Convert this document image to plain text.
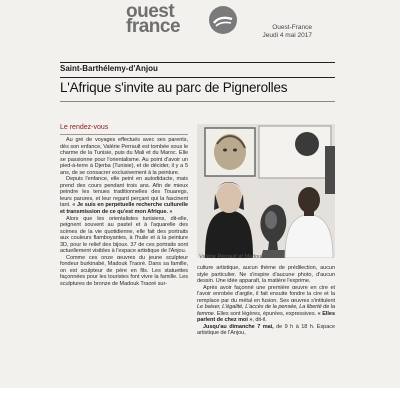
ouest
france	Ouest-France
Jeudi 4 mai 2017
Saint-Barthélemy-d'Anjou
L'Afrique s'invite au parc de Pignerolles
Le rendez-vous

Au gré de voyages effectués avec ses parents, dès son enfance, Valérie Perrault est tombée sous le charme de la Tunisie, puis du Mali et du Maroc. Elle se passionne pour l'orientalisme. Au point d'avoir un pied-à-terre à Djerba (Tunisie), et de décider, il y a 5 ans, de se consacrer exclusivement à la peinture.

Depuis l'enfance, elle peint en autodidacte, mais prend des cours pendant trois ans. Afin de mieux peindre les tenues traditionnelles des Touaregs, leurs parures, et leur regard perçant qui la fascinent tant. « Je suis en perpétuelle recherche culturelle et transmission de ce qu'est mon Afrique. »

Alors que les orientalistes tunisiens, dit-elle, peignent souvent au pastel et à l'aquarelle des scènes de la vie quotidienne, elle fait des portraits aux couleurs flamboyantes, à l'huile et à la peinture 3D, pour le relief des bijoux. 37 de ces portraits sont actuellement visibles à l'espace artistique de l'Anjou.

Comme ces onze œuvres du jeune sculpteur fondeur burkinabé, Madouk Traoré. Dans sa famille, on est sculpteur de père en fils. Les statuettes façonnées pour les touristes font vivre la famille. Les sculptures de bronze de Madouk Traoré sur-

Valérie Perrault et Madouk Traoré.

culture artistique, aucun thème de prédilection, aucun style particulier. Ne s'inspire d'aucune photo, d'aucun dessin. Une idée apparaît, la matière l'exprime.

Après avoir façonné une première œuvre en cire et l'avoir enrobée d'argile, il fait ensuite fondre la cire et la remplace par du métal en fusion. Ses œuvres s'intitulent Le baiser, L'égalité, L'accès de la pensée, La liberté de la femme. Elles sont légères, épurées, expressives. « Elles parlent de chez moi », dit-il.

Jusqu'au dimanche 7 mai, de 9 h à 18 h. Espace artistique de l'Anjou,
